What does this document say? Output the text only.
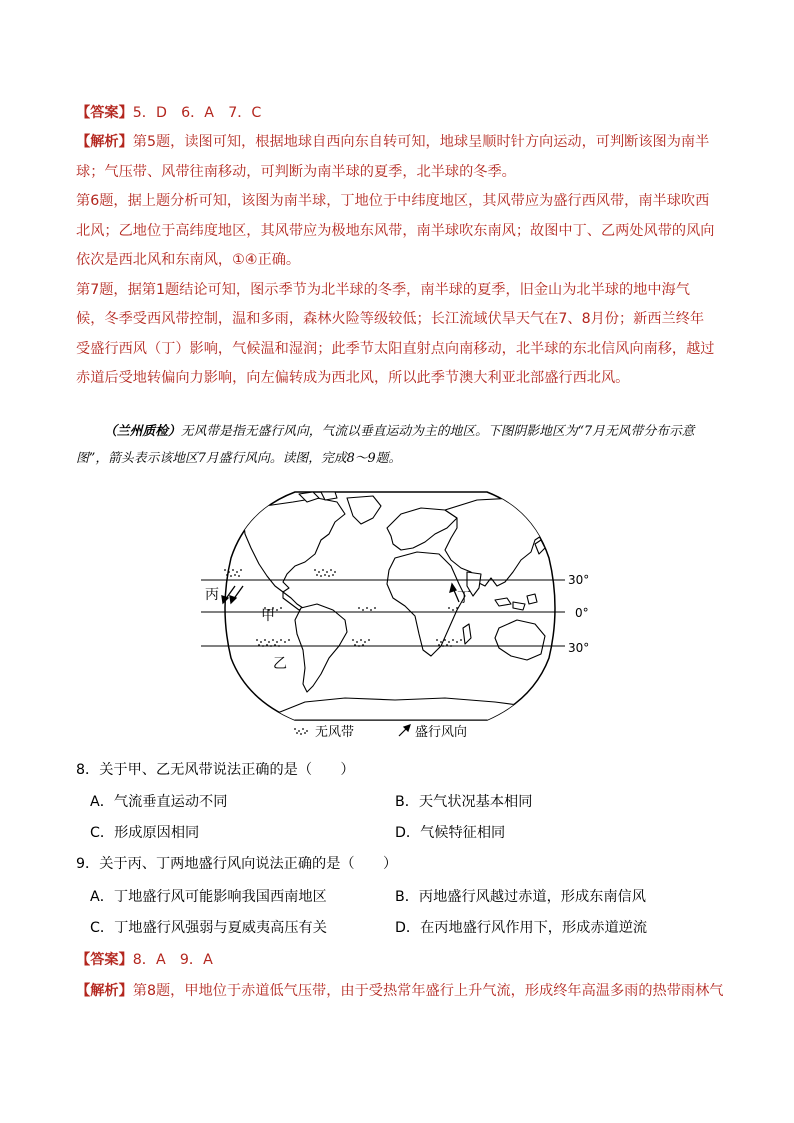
【答案】5．D　6．A　7．C
【解析】第5题，读图可知，根据地球自西向东自转可知，地球呈顺时针方向运动，可判断该图为南半球；气压带、风带往南移动，可判断为南半球的夏季，北半球的冬季。
第6题，据上题分析可知，该图为南半球，丁地位于中纬度地区，其风带应为盛行西风带，南半球吹西北风；乙地位于高纬度地区，其风带应为极地东风带，南半球吹东南风；故图中丁、乙两处风带的风向依次是西北风和东南风，①④正确。
第7题，据第1题结论可知，图示季节为北半球的冬季，南半球的夏季，旧金山为北半球的地中海气候，冬季受西风带控制，温和多雨，森林火险等级较低；长江流域伏旱天气在7、8月份；新西兰终年受盛行西风（丁）影响，气候温和湿润；此季节太阳直射点向南移动，北半球的东北信风向南移，越过赤道后受地转偏向力影响，向左偏转成为西北风，所以此季节澳大利亚北部盛行西北风。
（兰州质检）无风带是指无盛行风向，气流以垂直运动为主的地区。下图阴影地区为“7月无风带分布示意图”，箭头表示该地区7月盛行风向。读图，完成8～9题。
丙
甲
乙
丁
30°
0°
30°
无风带	盛行风向
8．关于甲、乙无风带说法正确的是（　　）
A．气流垂直运动不同	B．天气状况基本相同
C．形成原因相同	D．气候特征相同
9．关于丙、丁两地盛行风向说法正确的是（　　）
A．丁地盛行风可能影响我国西南地区	B．丙地盛行风越过赤道，形成东南信风
C．丁地盛行风强弱与夏威夷高压有关	D．在丙地盛行风作用下，形成赤道逆流
【答案】8．A　9．A
【解析】第8题，甲地位于赤道低气压带，由于受热常年盛行上升气流，形成终年高温多雨的热带雨林气
